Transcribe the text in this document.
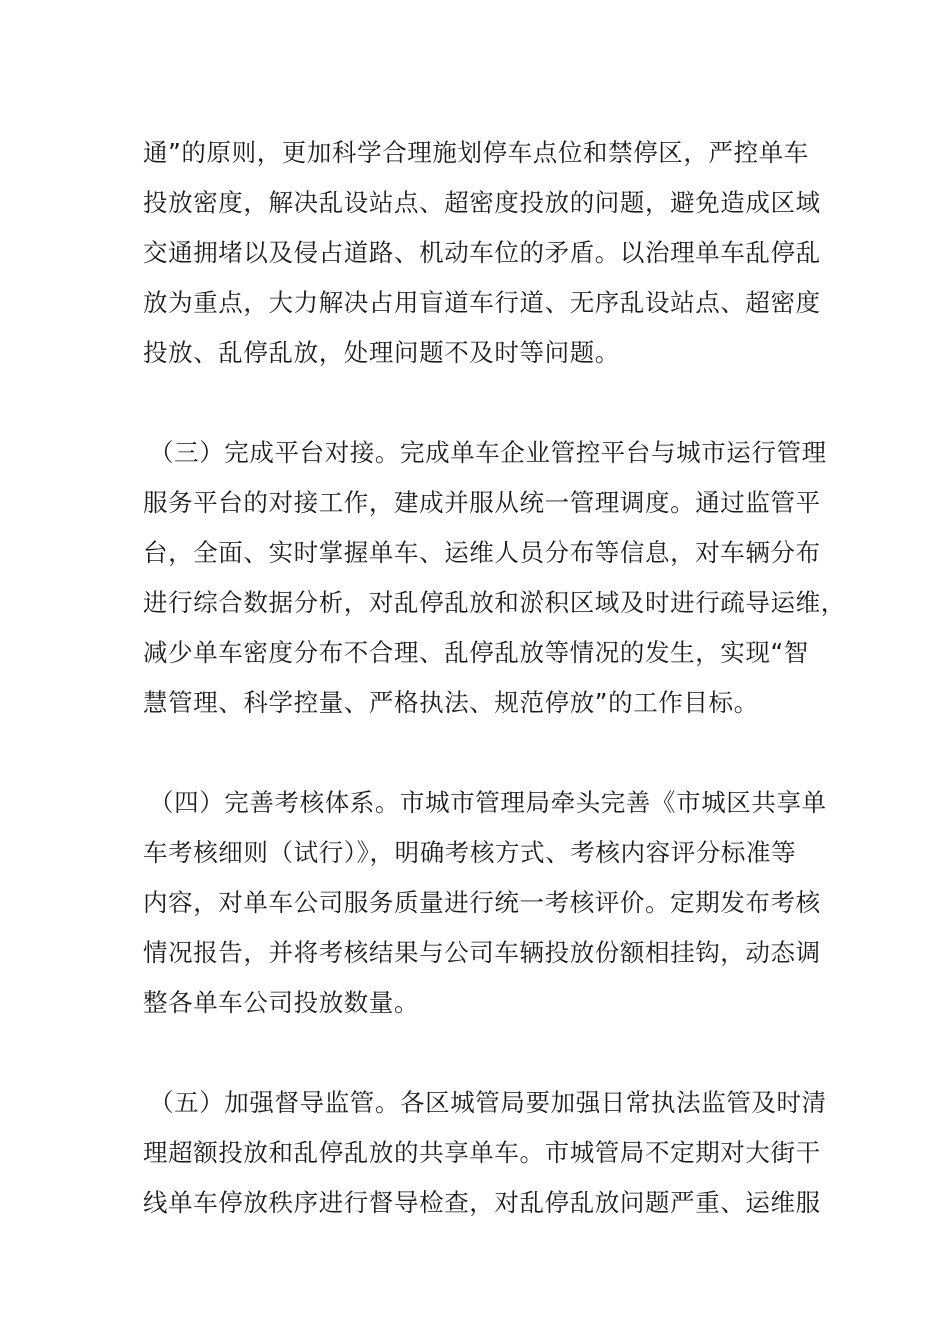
通”的原则，更加科学合理施划停车点位和禁停区，严控单车
投放密度，解决乱设站点、超密度投放的问题，避免造成区域
交通拥堵以及侵占道路、机动车位的矛盾。以治理单车乱停乱
放为重点，大力解决占用盲道车行道、无序乱设站点、超密度
投放、乱停乱放，处理问题不及时等问题。
（三）完成平台对接。完成单车企业管控平台与城市运行管理
服务平台的对接工作，建成并服从统一管理调度。通过监管平
台，全面、实时掌握单车、运维人员分布等信息，对车辆分布
进行综合数据分析，对乱停乱放和淤积区域及时进行疏导运维，
减少单车密度分布不合理、乱停乱放等情况的发生，实现“智
慧管理、科学控量、严格执法、规范停放”的工作目标。
（四）完善考核体系。市城市管理局牵头完善《市城区共享单
车考核细则（试行）》，明确考核方式、考核内容评分标准等
内容，对单车公司服务质量进行统一考核评价。定期发布考核
情况报告，并将考核结果与公司车辆投放份额相挂钩，动态调
整各单车公司投放数量。
（五）加强督导监管。各区城管局要加强日常执法监管及时清
理超额投放和乱停乱放的共享单车。市城管局不定期对大街干
线单车停放秩序进行督导检查，对乱停乱放问题严重、运维服
